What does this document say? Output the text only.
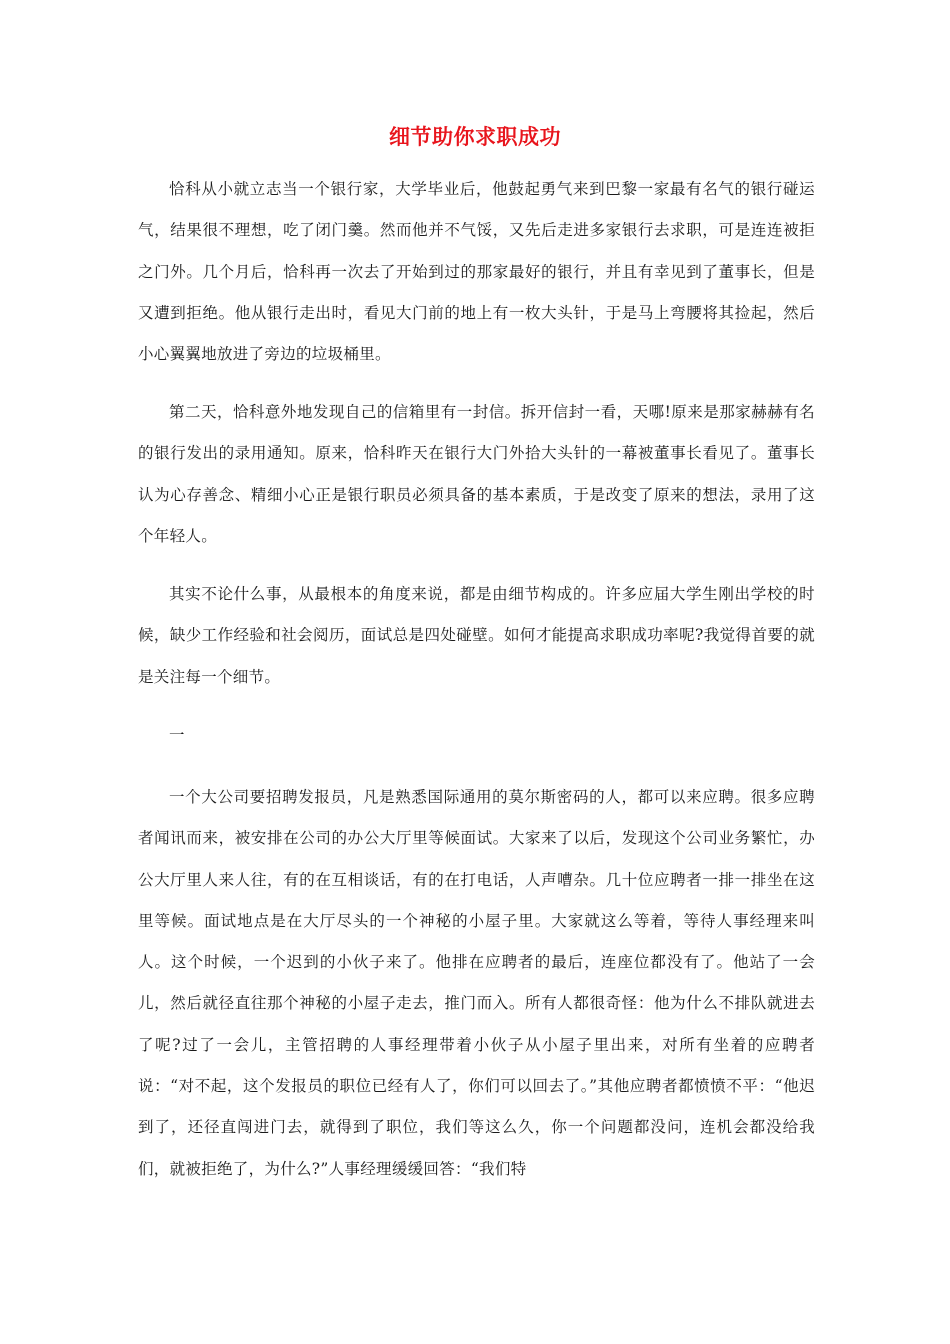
细节助你求职成功

恰科从小就立志当一个银行家，大学毕业后，他鼓起勇气来到巴黎一家最有名气的银行碰运气，结果很不理想，吃了闭门羹。然而他并不气馁，又先后走进多家银行去求职，可是连连被拒之门外。几个月后，恰科再一次去了开始到过的那家最好的银行，并且有幸见到了董事长，但是又遭到拒绝。他从银行走出时，看见大门前的地上有一枚大头针，于是马上弯腰将其捡起，然后小心翼翼地放进了旁边的垃圾桶里。

第二天，恰科意外地发现自己的信箱里有一封信。拆开信封一看，天哪!原来是那家赫赫有名的银行发出的录用通知。原来，恰科昨天在银行大门外拾大头针的一幕被董事长看见了。董事长认为心存善念、精细小心正是银行职员必须具备的基本素质，于是改变了原来的想法，录用了这个年轻人。

其实不论什么事，从最根本的角度来说，都是由细节构成的。许多应届大学生刚出学校的时候，缺少工作经验和社会阅历，面试总是四处碰壁。如何才能提高求职成功率呢?我觉得首要的就是关注每一个细节。

一

一个大公司要招聘发报员，凡是熟悉国际通用的莫尔斯密码的人，都可以来应聘。很多应聘者闻讯而来，被安排在公司的办公大厅里等候面试。大家来了以后，发现这个公司业务繁忙，办公大厅里人来人往，有的在互相谈话，有的在打电话，人声嘈杂。几十位应聘者一排一排坐在这里等候。面试地点是在大厅尽头的一个神秘的小屋子里。大家就这么等着，等待人事经理来叫人。这个时候，一个迟到的小伙子来了。他排在应聘者的最后，连座位都没有了。他站了一会儿，然后就径直往那个神秘的小屋子走去，推门而入。所有人都很奇怪：他为什么不排队就进去了呢?过了一会儿，主管招聘的人事经理带着小伙子从小屋子里出来，对所有坐着的应聘者说：“对不起，这个发报员的职位已经有人了，你们可以回去了。”其他应聘者都愤愤不平：“他迟到了，还径直闯进门去，就得到了职位，我们等这么久，你一个问题都没问，连机会都没给我们，就被拒绝了，为什么?”人事经理缓缓回答：“我们特
